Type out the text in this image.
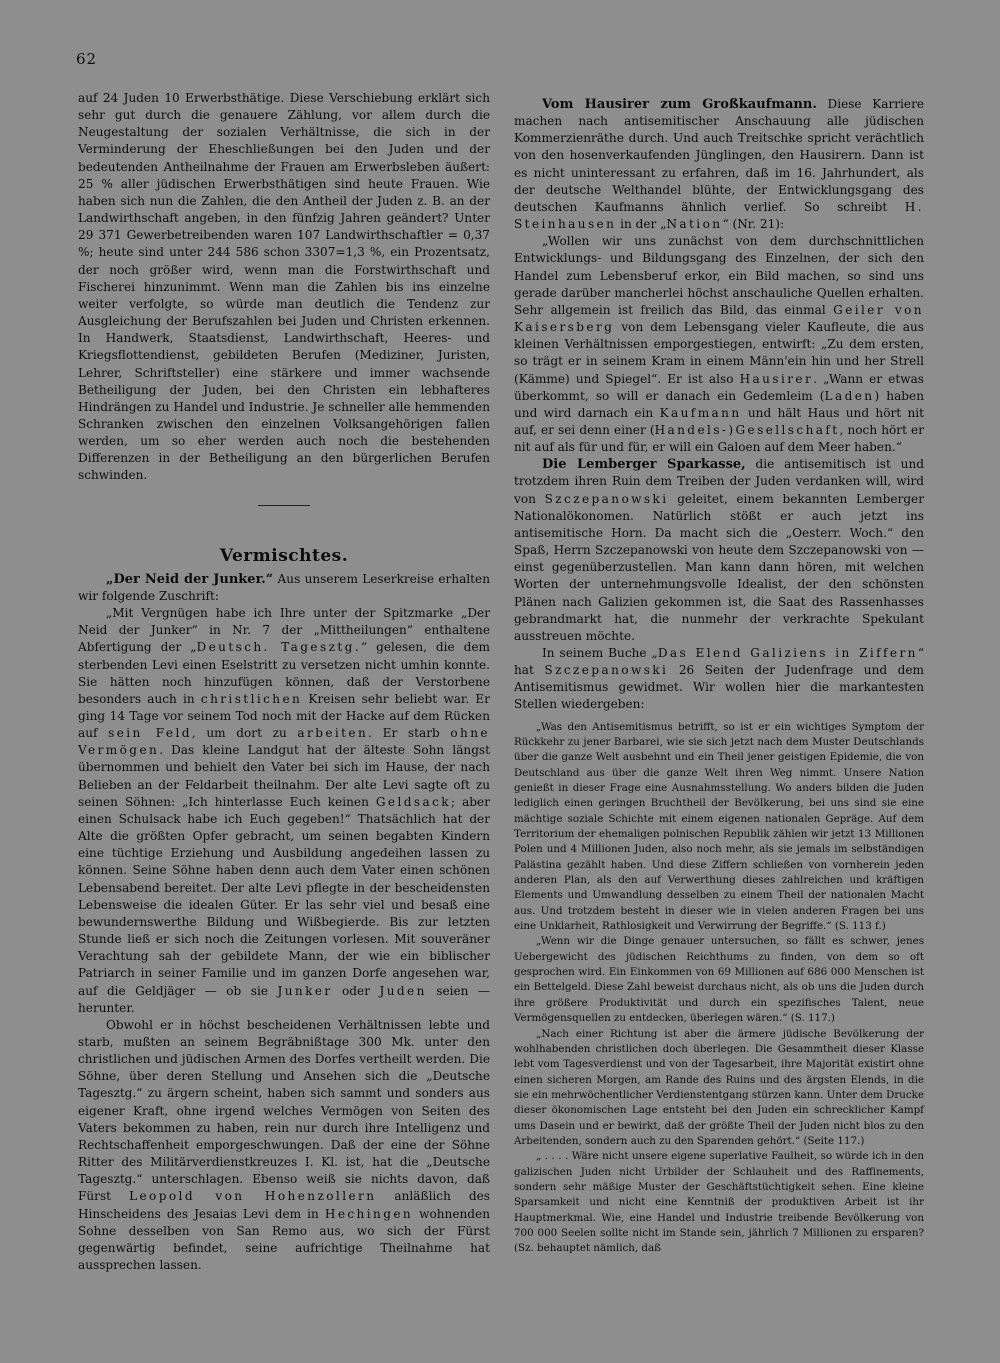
62

auf 24 Juden 10 Erwerbsthätige. Diese Verschiebung erklärt sich sehr gut durch die genauere Zählung, vor allem durch die Neugestaltung der sozialen Verhältnisse, die sich in der Verminderung der Eheschließungen bei den Juden und der bedeutenden Antheilnahme der Frauen am Erwerbsleben äußert: 25 % aller jüdischen Erwerbsthätigen sind heute Frauen. Wie haben sich nun die Zahlen, die den Antheil der Juden z. B. an der Landwirthschaft angeben, in den fünfzig Jahren geändert? Unter 29 371 Gewerbetreibenden waren 107 Landwirthschaftler = 0,37 %; heute sind unter 244 586 schon 3307=1,3 %, ein Prozentsatz, der noch größer wird, wenn man die Forstwirthschaft und Fischerei hinzunimmt. Wenn man die Zahlen bis ins einzelne weiter verfolgte, so würde man deutlich die Tendenz zur Ausgleichung der Berufszahlen bei Juden und Christen erkennen. In Handwerk, Staatsdienst, Landwirthschaft, Heeres- und Kriegsflottendienst, gebildeten Berufen (Mediziner, Juristen, Lehrer, Schriftsteller) eine stärkere und immer wachsende Betheiligung der Juden, bei den Christen ein lebhafteres Hindrängen zu Handel und Industrie. Je schneller alle hemmenden Schranken zwischen den einzelnen Volksangehörigen fallen werden, um so eher werden auch noch die bestehenden Differenzen in der Betheiligung an den bürgerlichen Berufen schwinden.

Vermischtes.

„Der Neid der Junker.“ Aus unserem Leserkreise erhalten wir folgende Zuschrift:

„Mit Vergnügen habe ich Ihre unter der Spitzmarke „Der Neid der Junker“ in Nr. 7 der „Mittheilungen“ enthaltene Abfertigung der „Deutsch. Tagesztg.“ gelesen, die dem sterbenden Levi einen Eselstritt zu versetzen nicht umhin konnte. Sie hätten noch hinzufügen können, daß der Verstorbene besonders auch in christlichen Kreisen sehr beliebt war. Er ging 14 Tage vor seinem Tod noch mit der Hacke auf dem Rücken auf sein Feld, um dort zu arbeiten. Er starb ohne Vermögen. Das kleine Landgut hat der älteste Sohn längst übernommen und behielt den Vater bei sich im Hause, der nach Belieben an der Feldarbeit theilnahm. Der alte Levi sagte oft zu seinen Söhnen: „Ich hinterlasse Euch keinen Geldsack; aber einen Schulsack habe ich Euch gegeben!“ Thatsächlich hat der Alte die größten Opfer gebracht, um seinen begabten Kindern eine tüchtige Erziehung und Ausbildung angedeihen lassen zu können. Seine Söhne haben denn auch dem Vater einen schönen Lebensabend bereitet. Der alte Levi pflegte in der bescheidensten Lebensweise die idealen Güter. Er las sehr viel und besaß eine bewundernswerthe Bildung und Wißbegierde. Bis zur letzten Stunde ließ er sich noch die Zeitungen vorlesen. Mit souveräner Verachtung sah der gebildete Mann, der wie ein biblischer Patriarch in seiner Familie und im ganzen Dorfe angesehen war, auf die Geldjäger — ob sie Junker oder Juden seien — herunter.

Obwohl er in höchst bescheidenen Verhältnissen lebte und starb, mußten an seinem Begräbnißtage 300 Mk. unter den christlichen und jüdischen Armen des Dorfes vertheilt werden. Die Söhne, über deren Stellung und Ansehen sich die „Deutsche Tagesztg.“ zu ärgern scheint, haben sich sammt und sonders aus eigener Kraft, ohne irgend welches Vermögen von Seiten des Vaters bekommen zu haben, rein nur durch ihre Intelligenz und Rechtschaffenheit emporgeschwungen. Daß der eine der Söhne Ritter des Militärverdienstkreuzes I. Kl. ist, hat die „Deutsche Tagesztg.“ unterschlagen. Ebenso weiß sie nichts davon, daß Fürst Leopold von Hohenzollern anläßlich des Hinscheidens des Jesaias Levi dem in Hechingen wohnenden Sohne desselben von San Remo aus, wo sich der Fürst gegenwärtig befindet, seine aufrichtige Theilnahme hat aussprechen lassen.

Vom Hausirer zum Großkaufmann. Diese Karriere machen nach antisemitischer Anschauung alle jüdischen Kommerzienräthe durch. Und auch Treitschke spricht verächtlich von den hosenverkaufenden Jünglingen, den Hausirern. Dann ist es nicht uninteressant zu erfahren, daß im 16. Jahrhundert, als der deutsche Welthandel blühte, der Entwicklungsgang des deutschen Kaufmanns ähnlich verlief. So schreibt H. Steinhausen in der „Nation“ (Nr. 21):

„Wollen wir uns zunächst von dem durchschnittlichen Entwicklungs- und Bildungsgang des Einzelnen, der sich den Handel zum Lebensberuf erkor, ein Bild machen, so sind uns gerade darüber mancherlei höchst anschauliche Quellen erhalten. Sehr allgemein ist freilich das Bild, das einmal Geiler von Kaisersberg von dem Lebensgang vieler Kaufleute, die aus kleinen Verhältnissen emporgestiegen, entwirft: „Zu dem ersten, so trägt er in seinem Kram in einem Männ'ein hin und her Strell (Kämme) und Spiegel“. Er ist also Hausirer. „Wann er etwas überkommt, so will er danach ein Gedemleim (Laden) haben und wird darnach ein Kaufmann und hält Haus und hört nit auf, er sei denn einer (Handels-)Gesellschaft, noch hört er nit auf als für und für, er will ein Galoen auf dem Meer haben.“

Die Lemberger Sparkasse, die antisemitisch ist und trotzdem ihren Ruin dem Treiben der Juden verdanken will, wird von Szczepanowski geleitet, einem bekannten Lemberger Nationalökonomen. Natürlich stößt er auch jetzt ins antisemitische Horn. Da macht sich die „Oesterr. Woch.“ den Spaß, Herrn Szczepanowski von heute dem Szczepanowski von — einst gegenüberzustellen. Man kann dann hören, mit welchen Worten der unternehmungsvolle Idealist, der den schönsten Plänen nach Galizien gekommen ist, die Saat des Rassenhasses gebrandmarkt hat, die nunmehr der verkrachte Spekulant ausstreuen möchte.

In seinem Buche „Das Elend Galiziens in Ziffern“ hat Szczepanowski 26 Seiten der Judenfrage und dem Antisemitismus gewidmet. Wir wollen hier die markantesten Stellen wiedergeben:

„Was den Antisemitismus betrifft, so ist er ein wichtiges Symptom der Rückkehr zu jener Barbarei, wie sie sich jetzt nach dem Muster Deutschlands über die ganze Welt ausbehnt und ein Theil jener geistigen Epidemie, die von Deutschland aus über die ganze Welt ihren Weg nimmt. Unsere Nation genießt in dieser Frage eine Ausnahmsstellung. Wo anders bilden die Juden lediglich einen geringen Bruchtheil der Bevölkerung, bei uns sind sie eine mächtige soziale Schichte mit einem eigenen nationalen Gepräge. Auf dem Territorium der ehemaligen polnischen Republik zählen wir jetzt 13 Millionen Polen und 4 Millionen Juden, also noch mehr, als sie jemals im selbständigen Palästina gezählt haben. Und diese Ziffern schließen von vornherein jeden anderen Plan, als den auf Verwerthung dieses zahlreichen und kräftigen Elements und Umwandlung desselben zu einem Theil der nationalen Macht aus. Und trotzdem besteht in dieser wie in vielen anderen Fragen bei uns eine Unklarheit, Rathlosigkeit und Verwirrung der Begriffe.“ (S. 113 f.)

„Wenn wir die Dinge genauer untersuchen, so fällt es schwer, jenes Uebergewicht des jüdischen Reichthums zu finden, von dem so oft gesprochen wird. Ein Einkommen von 69 Millionen auf 686 000 Menschen ist ein Bettelgeld. Diese Zahl beweist durchaus nicht, als ob uns die Juden durch ihre größere Produktivität und durch ein spezifisches Talent, neue Vermögensquellen zu entdecken, überlegen wären.“ (S. 117.)

„Nach einer Richtung ist aber die ärmere jüdische Bevölkerung der wohlhabenden christlichen doch überlegen. Die Gesammtheit dieser Klasse lebt vom Tagesverdienst und von der Tagesarbeit, ihre Majorität existirt ohne einen sicheren Morgen, am Rande des Ruins und des ärgsten Elends, in die sie ein mehrwöchentlicher Verdienstentgang stürzen kann. Unter dem Drucke dieser ökonomischen Lage entsteht bei den Juden ein schrecklicher Kampf ums Dasein und er bewirkt, daß der größte Theil der Juden nicht blos zu den Arbeitenden, sondern auch zu den Sparenden gehört.“ (Seite 117.)

„ . . . . Wäre nicht unsere eigene superlative Faulheit, so würde ich in den galizischen Juden nicht Urbilder der Schlauheit und des Raffinements, sondern sehr mäßige Muster der Geschäftstüchtigkeit sehen. Eine kleine Sparsamkeit und nicht eine Kenntniß der produktiven Arbeit ist ihr Hauptmerkmal. Wie, eine Handel und Industrie treibende Bevölkerung von 700 000 Seelen sollte nicht im Stande sein, jährlich 7 Millionen zu ersparen? (Sz. behauptet nämlich, daß
